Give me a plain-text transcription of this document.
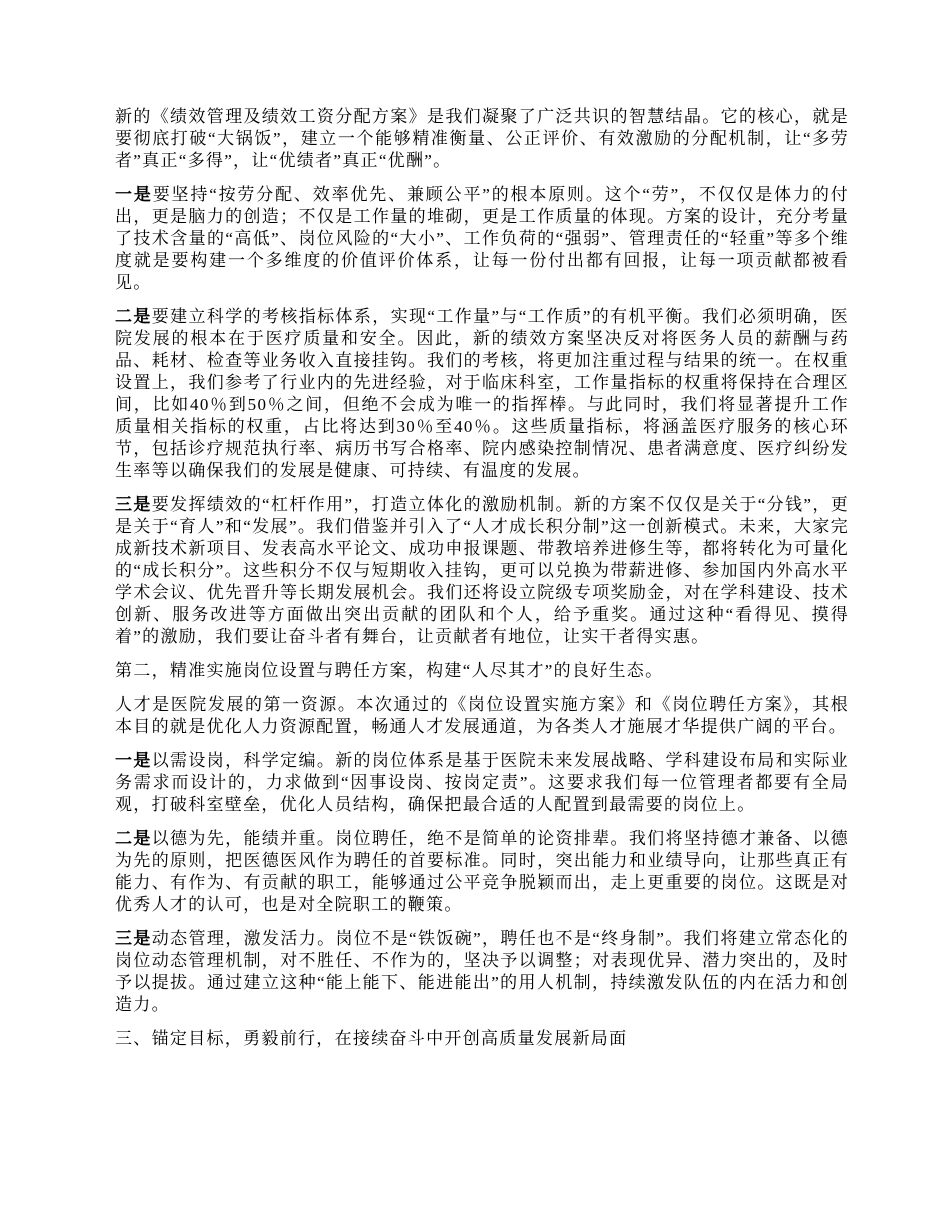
新的《绩效管理及绩效工资分配方案》是我们凝聚了广泛共识的智慧结晶。它的核心，就是要彻底打破“大锅饭”，建立一个能够精准衡量、公正评价、有效激励的分配机制，让“多劳者”真正“多得”，让“优绩者”真正“优酬”。

一是要坚持“按劳分配、效率优先、兼顾公平”的根本原则。这个“劳”，不仅仅是体力的付出，更是脑力的创造；不仅是工作量的堆砌，更是工作质量的体现。方案的设计，充分考量了技术含量的“高低”、岗位风险的“大小”、工作负荷的“强弱”、管理责任的“轻重”等多个维度就是要构建一个多维度的价值评价体系，让每一份付出都有回报，让每一项贡献都被看见。

二是要建立科学的考核指标体系，实现“工作量”与“工作质”的有机平衡。我们必须明确，医院发展的根本在于医疗质量和安全。因此，新的绩效方案坚决反对将医务人员的薪酬与药品、耗材、检查等业务收入直接挂钩。我们的考核，将更加注重过程与结果的统一。在权重设置上，我们参考了行业内的先进经验，对于临床科室，工作量指标的权重将保持在合理区间，比如40％到50％之间，但绝不会成为唯一的指挥棒。与此同时，我们将显著提升工作质量相关指标的权重，占比将达到30％至40％。这些质量指标，将涵盖医疗服务的核心环节，包括诊疗规范执行率、病历书写合格率、院内感染控制情况、患者满意度、医疗纠纷发生率等以确保我们的发展是健康、可持续、有温度的发展。

三是要发挥绩效的“杠杆作用”，打造立体化的激励机制。新的方案不仅仅是关于“分钱”，更是关于“育人”和“发展”。我们借鉴并引入了“人才成长积分制”这一创新模式。未来，大家完成新技术新项目、发表高水平论文、成功申报课题、带教培养进修生等，都将转化为可量化的“成长积分”。这些积分不仅与短期收入挂钩，更可以兑换为带薪进修、参加国内外高水平学术会议、优先晋升等长期发展机会。我们还将设立院级专项奖励金，对在学科建设、技术创新、服务改进等方面做出突出贡献的团队和个人，给予重奖。通过这种“看得见、摸得着”的激励，我们要让奋斗者有舞台，让贡献者有地位，让实干者得实惠。

第二，精准实施岗位设置与聘任方案，构建“人尽其才”的良好生态。

人才是医院发展的第一资源。本次通过的《岗位设置实施方案》和《岗位聘任方案》，其根本目的就是优化人力资源配置，畅通人才发展通道，为各类人才施展才华提供广阔的平台。

一是以需设岗，科学定编。新的岗位体系是基于医院未来发展战略、学科建设布局和实际业务需求而设计的，力求做到“因事设岗、按岗定责”。这要求我们每一位管理者都要有全局观，打破科室壁垒，优化人员结构，确保把最合适的人配置到最需要的岗位上。

二是以德为先，能绩并重。岗位聘任，绝不是简单的论资排辈。我们将坚持德才兼备、以德为先的原则，把医德医风作为聘任的首要标准。同时，突出能力和业绩导向，让那些真正有能力、有作为、有贡献的职工，能够通过公平竞争脱颖而出，走上更重要的岗位。这既是对优秀人才的认可，也是对全院职工的鞭策。

三是动态管理，激发活力。岗位不是“铁饭碗”，聘任也不是“终身制”。我们将建立常态化的岗位动态管理机制，对不胜任、不作为的，坚决予以调整；对表现优异、潜力突出的，及时予以提拔。通过建立这种“能上能下、能进能出”的用人机制，持续激发队伍的内在活力和创造力。

三、锚定目标，勇毅前行，在接续奋斗中开创高质量发展新局面
